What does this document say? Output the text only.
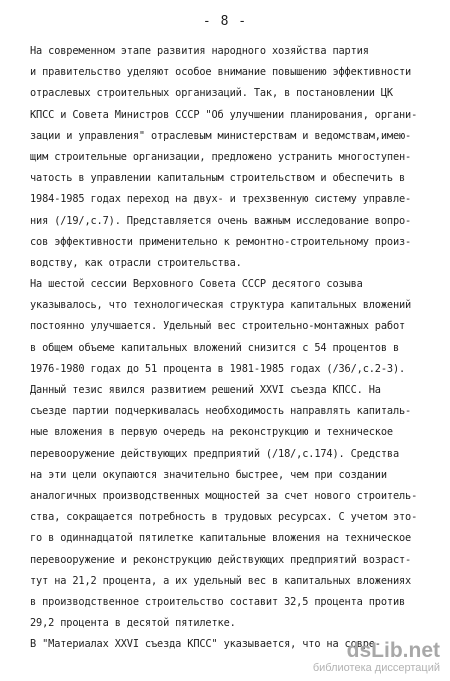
- 8 -
На современном этапе развития народного хозяйства партия
и правительство уделяют особое внимание повышению эффективности
отраслевых строительных организаций. Так, в постановлении ЦК
КПСС и Совета Министров СССР "Об улучшении планирования, органи-
зации и управления" отраслевым министерствам и ведомствам,имею-
щим строительные организации, предложено устранить многоступен-
чатость в управлении капитальным строительством и обеспечить в
1984-1985 годах переход на двух- и трехзвенную систему управле-
ния (/19/,с.7). Представляется очень важным исследование вопро-
сов эффективности применительно к ремонтно-строительному произ-
водству, как отрасли строительства.
На шестой сессии Верховного Совета СССР десятого созыва
указывалось, что технологическая структура капитальных вложений
постоянно улучшается. Удельный вес строительно-монтажных работ
в общем объеме капитальных вложений снизится с 54 процентов в
1976-1980 годах до 51 процента в 1981-1985 годах (/36/,с.2-3).
Данный тезис явился развитием решений XXVI съезда КПСС. На
съезде партии подчеркивалась необходимость направлять капиталь-
ные вложения в первую очередь на реконструкцию и техническое
перевооружение действующих предприятий (/18/,с.174). Средства
на эти цели окупаются значительно быстрее, чем при создании
аналогичных производственных мощностей за счет нового строитель-
ства, сокращается потребность в трудовых ресурсах. С учетом это-
го в одиннадцатой пятилетке капитальные вложения на техническое
перевооружение и реконструкцию действующих предприятий возраст-
тут на 21,2 процента, а их удельный вес в капитальных вложениях
в производственное строительство составит 32,5 процента против
29,2 процента в десятой пятилетке.
В "Материалах XXVI съезда КПСС" указывается, что на совре-
dsLib.net
библиотека диссертаций
